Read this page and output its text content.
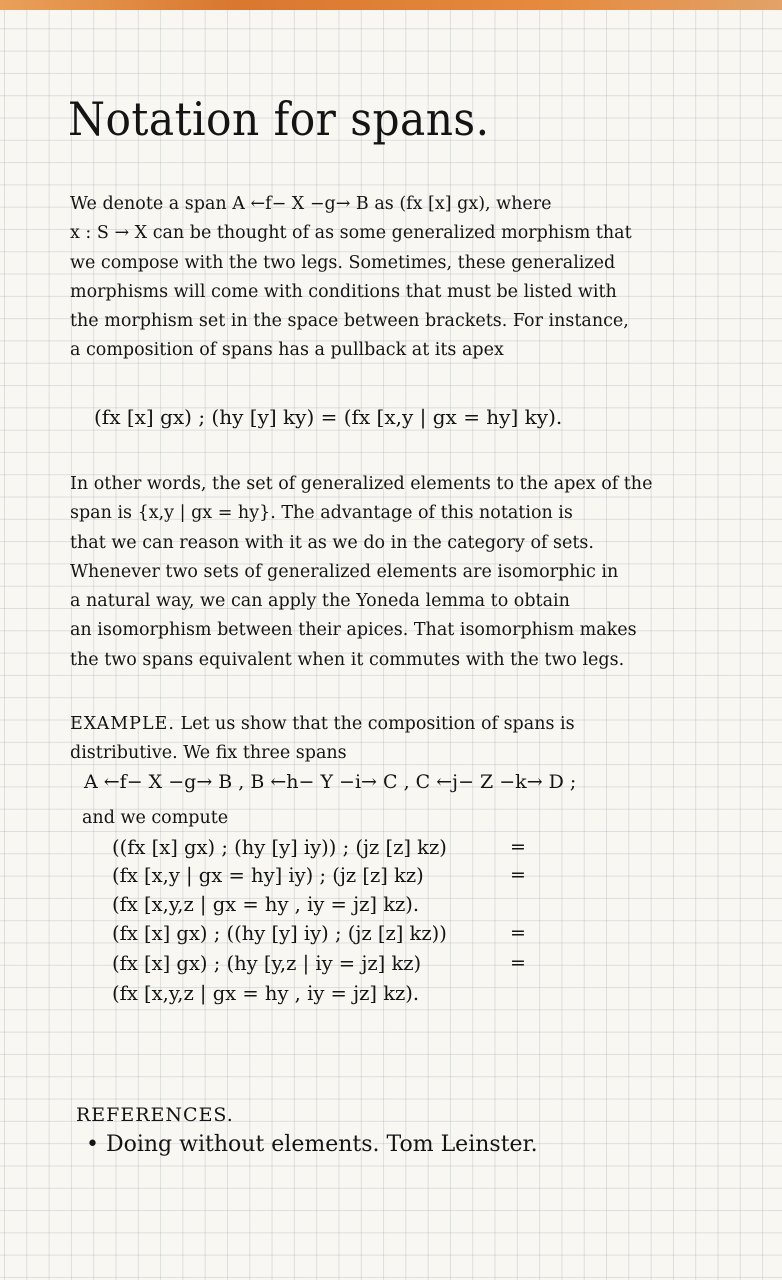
Notation for spans.
We denote a span A ←f− X −g→ B as (fx [x] gx), where
x : S → X can be thought of as some generalized morphism that
we compose with the two legs. Sometimes, these generalized
morphisms will come with conditions that must be listed with
the morphism set in the space between brackets. For instance,
a composition of spans has a pullback at its apex
(fx [x] gx) ; (hy [y] ky) = (fx [x,y | gx = hy] ky).
In other words, the set of generalized elements to the apex of the
span is {x,y | gx = hy}. The advantage of this notation is
that we can reason with it as we do in the category of sets.
Whenever two sets of generalized elements are isomorphic in
a natural way, we can apply the Yoneda lemma to obtain
an isomorphism between their apices. That isomorphism makes
the two spans equivalent when it commutes with the two legs.
EXAMPLE. Let us show that the composition of spans is
distributive. We fix three spans
A ←f− X −g→ B , B ←h− Y −i→ C , C ←j− Z −k→ D ;
and we compute
((fx [x] gx) ; (hy [y] iy)) ; (jz [z] kz)	=
(fx [x,y | gx = hy] iy) ; (jz [z] kz)	=
(fx [x,y,z | gx = hy , iy = jz] kz).
(fx [x] gx) ; ((hy [y] iy) ; (jz [z] kz))	=
(fx [x] gx) ; (hy [y,z | iy = jz] kz)	=
(fx [x,y,z | gx = hy , iy = jz] kz).
REFERENCES.
• Doing without elements. Tom Leinster.
